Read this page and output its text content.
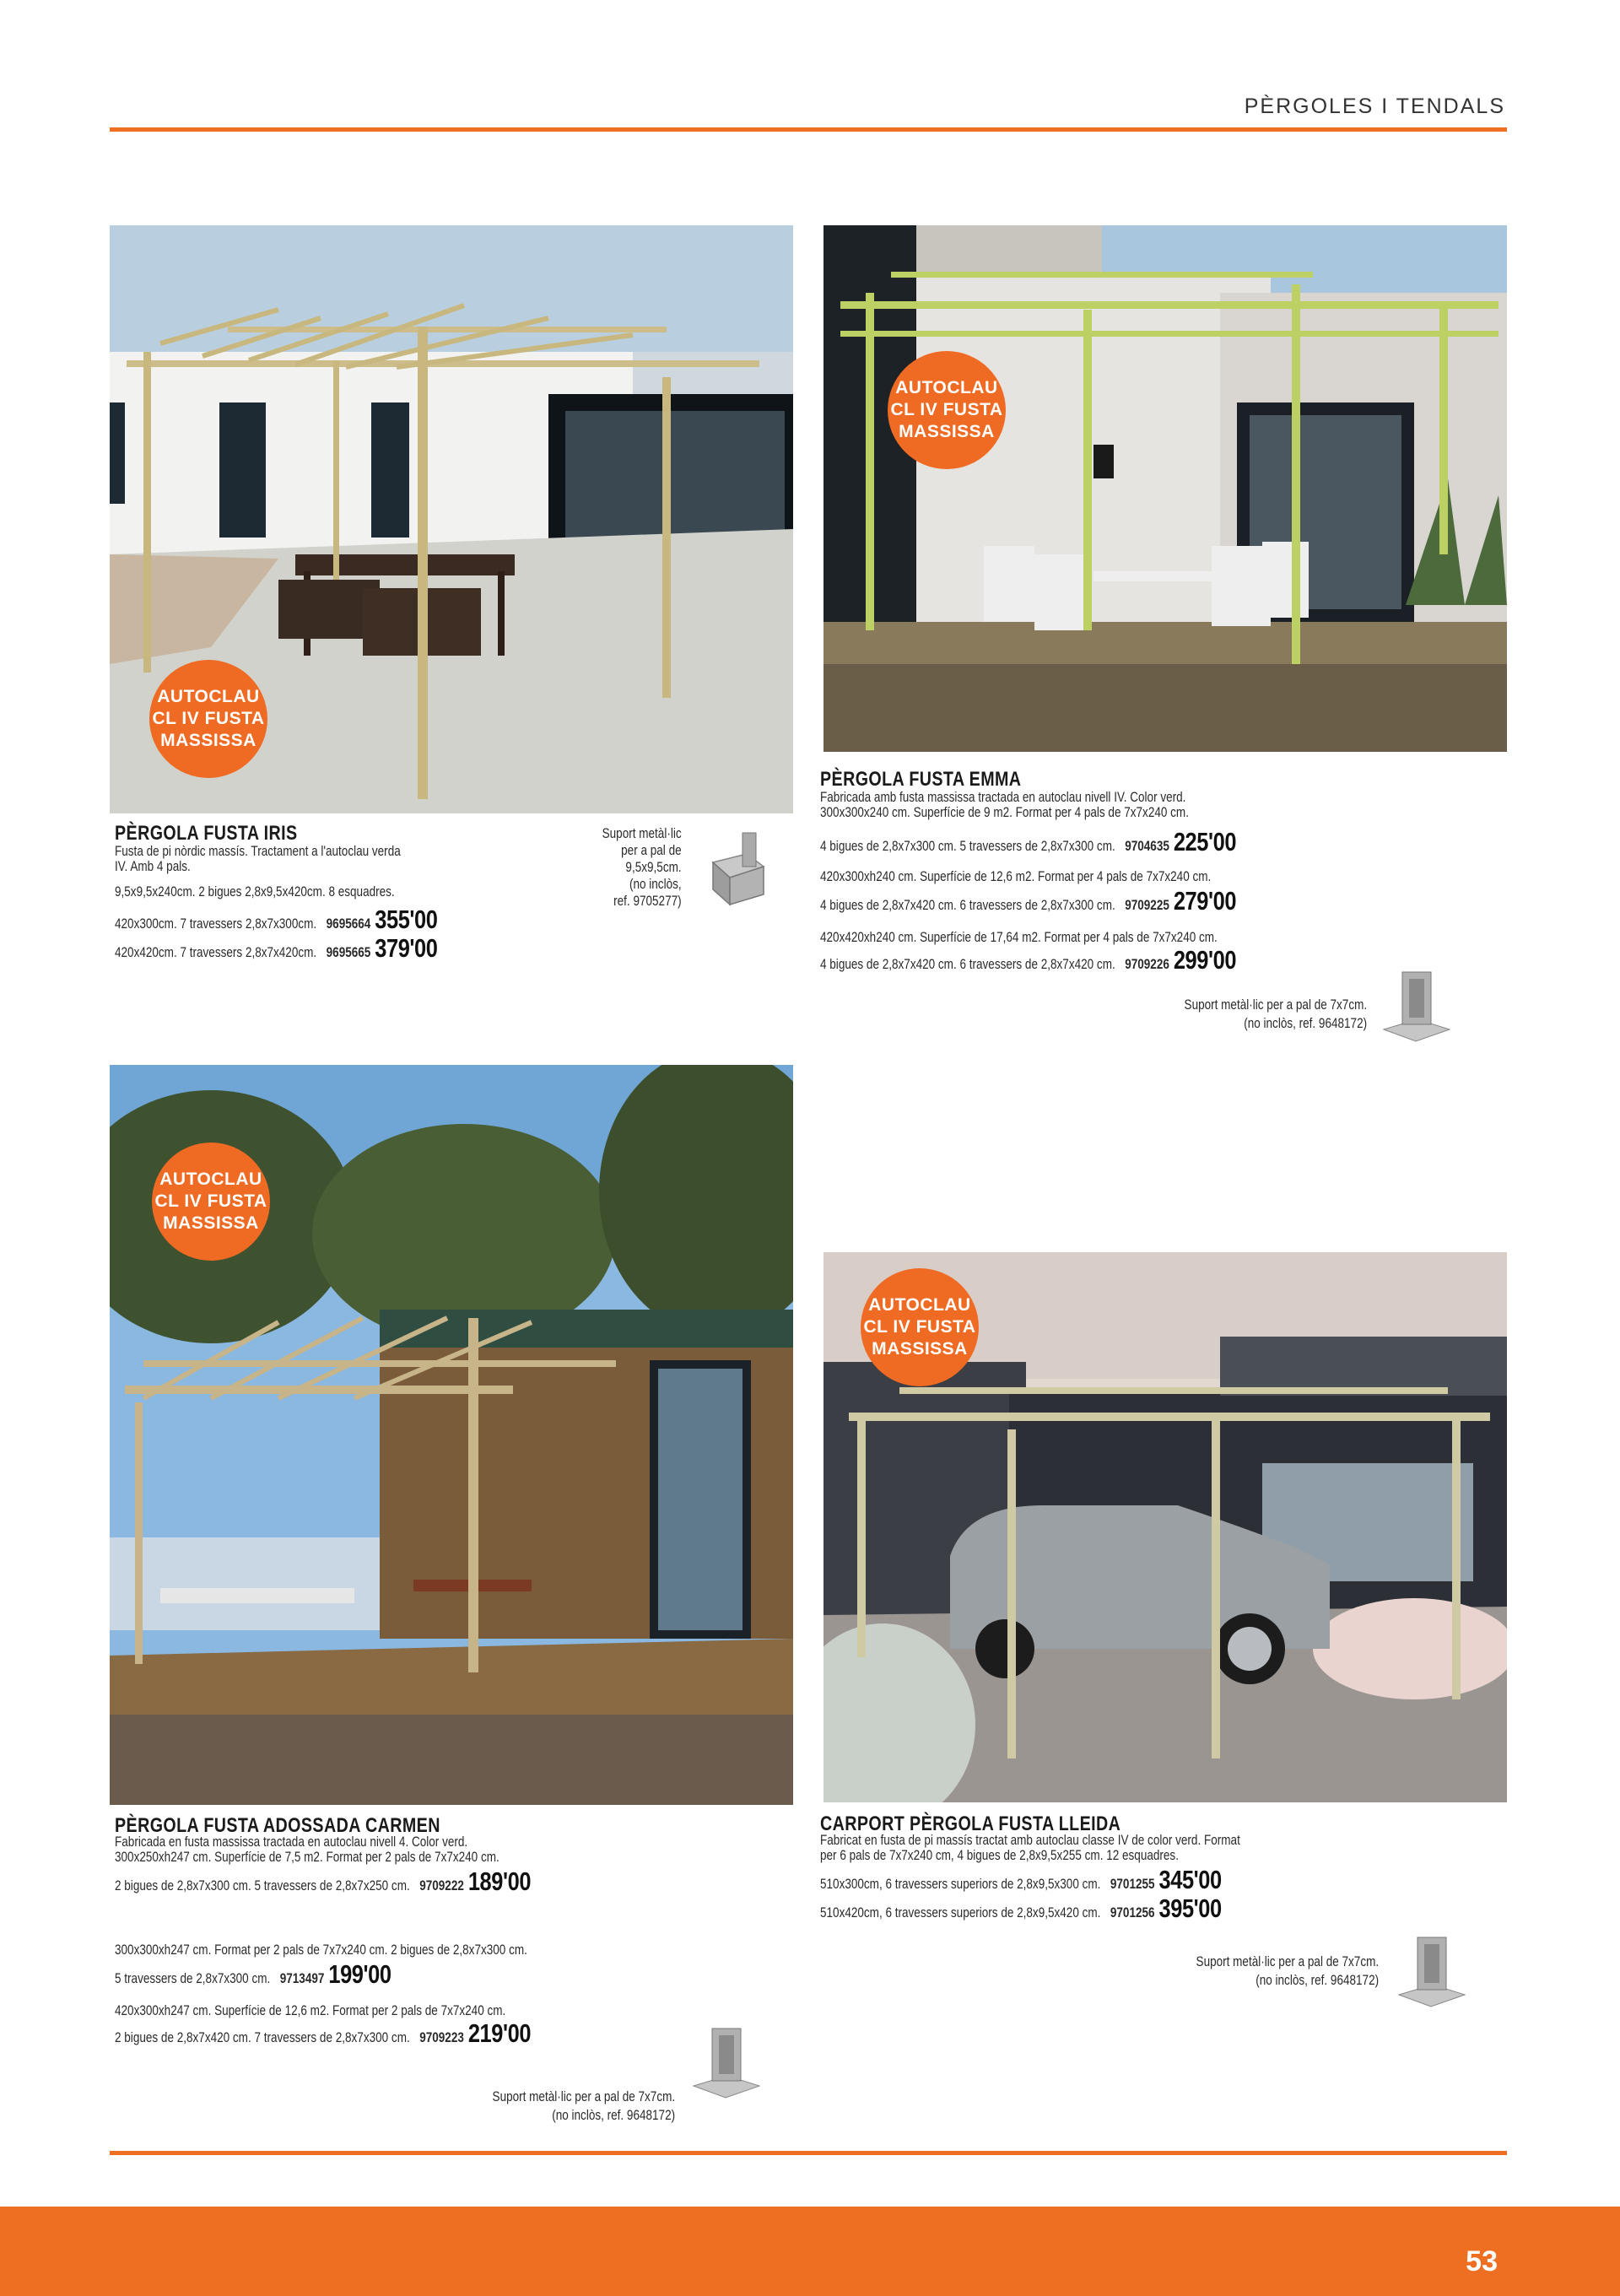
PÈRGOLES I TENDALS
AUTOCLAU
CL IV FUSTA
MASSISSA
AUTOCLAU
CL IV FUSTA
MASSISSA
AUTOCLAU
CL IV FUSTA
MASSISSA
AUTOCLAU
CL IV FUSTA
MASSISSA
PÈRGOLA FUSTA IRIS
Fusta de pi nòrdic massís. Tractament a l'autoclau verda
IV. Amb 4 pals.
9,5x9,5x240cm. 2 bigues 2,8x9,5x420cm. 8 esquadres.
420x300cm. 7 travessers 2,8x7x300cm. 9695664 355'00
420x420cm. 7 travessers 2,8x7x420cm. 9695665 379'00
Suport metàl·lic
per a pal de
9,5x9,5cm.
(no inclòs,
ref. 9705277)
PÈRGOLA FUSTA EMMA
Fabricada amb fusta massissa tractada en autoclau nivell IV. Color verd.
300x300x240 cm. Superfície de 9 m2. Format per 4 pals de 7x7x240 cm.
4 bigues de 2,8x7x300 cm. 5 travessers de 2,8x7x300 cm. 9704635 225'00
420x300xh240 cm. Superfície de 12,6 m2. Format per 4 pals de 7x7x240 cm.
4 bigues de 2,8x7x420 cm. 6 travessers de 2,8x7x300 cm. 9709225 279'00
420x420xh240 cm. Superfície de 17,64 m2. Format per 4 pals de 7x7x240 cm.
4 bigues de 2,8x7x420 cm. 6 travessers de 2,8x7x420 cm. 9709226 299'00
Suport metàl·lic per a pal de 7x7cm.
(no inclòs, ref. 9648172)
PÈRGOLA FUSTA ADOSSADA CARMEN
Fabricada en fusta massissa tractada en autoclau nivell 4. Color verd.
300x250xh247 cm. Superfície de 7,5 m2. Format per 2 pals de 7x7x240 cm.
2 bigues de 2,8x7x300 cm. 5 travessers de 2,8x7x250 cm. 9709222 189'00
300x300xh247 cm. Format per 2 pals de 7x7x240 cm. 2 bigues de 2,8x7x300 cm.
5 travessers de 2,8x7x300 cm. 9713497 199'00
420x300xh247 cm. Superfície de 12,6 m2. Format per 2 pals de 7x7x240 cm.
2 bigues de 2,8x7x420 cm. 7 travessers de 2,8x7x300 cm. 9709223 219'00
Suport metàl·lic per a pal de 7x7cm.
(no inclòs, ref. 9648172)
CARPORT PÈRGOLA FUSTA LLEIDA
Fabricat en fusta de pi massís tractat amb autoclau classe IV de color verd. Format
per 6 pals de 7x7x240 cm, 4 bigues de 2,8x9,5x255 cm. 12 esquadres.
510x300cm, 6 travessers superiors de 2,8x9,5x300 cm. 9701255 345'00
510x420cm, 6 travessers superiors de 2,8x9,5x420 cm. 9701256 395'00
Suport metàl·lic per a pal de 7x7cm.
(no inclòs, ref. 9648172)
53
